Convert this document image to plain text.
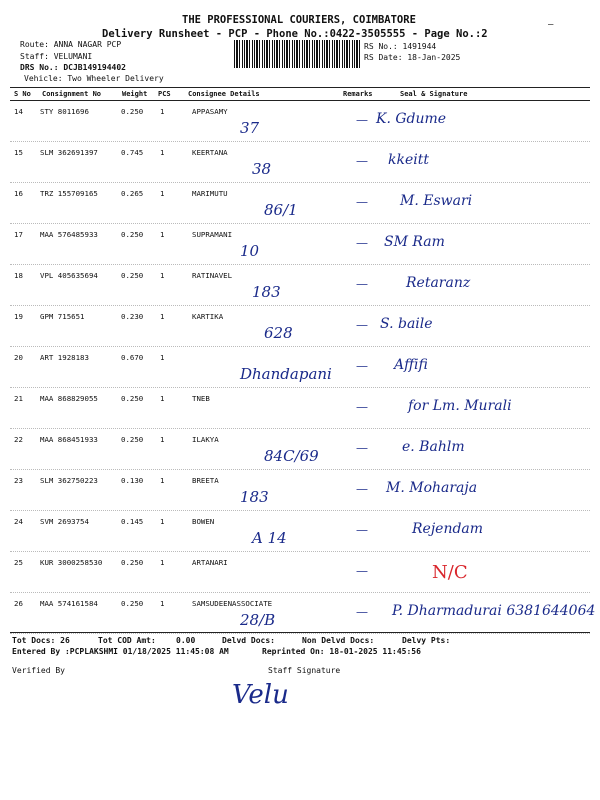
THE PROFESSIONAL COURIERS, COIMBATORE
Delivery Runsheet - PCP - Phone No.:0422-3505555 - Page No.:2
—
Route: ANNA NAGAR PCP
Staff: VELUMANI
DRS No.: DCJB149194402
Vehicle: Two Wheeler Delivery
RS No.: 1491944
RS Date: 18-Jan-2025
S No Consignment No	Weight PCS Consignee Details	Remarks	Seal & Signature
14 STY 8011696	0.250 1	APPASAMY
37	K. Gdume
—
15 SLM 362691397	0.745 1	KEERTANA
38	kkeitt
—
16 TRZ 155709165	0.265 1	MARIMUTU
86/1	M. Eswari
—
17 MAA 576485933	0.250 1	SUPRAMANI
10	SM Ram
—
18 VPL 405635694	0.250 1	RATINAVEL
183	Retaranz
—
19 GPM 715651	0.230 1	KARTIKA
628	S. baile
—
20 ART 1928183	0.670 1
Dhandapani	Affifi
—
21 MAA 868829055	0.250 1	TNEB	for Lm. Murali
—
22 MAA 868451933	0.250 1	ILAKYA
84C/69	e. Bahlm
—
23 SLM 362750223	0.130 1	BREETA
183	M. Moharaja
—
24 SVM 2693754	0.145 1	BOWEN
A 14	Rejendam
—
25 KUR 3000258530	0.250 1	ARTANARI	N/C
—
26 MAA 574161584	0.250 1	SAMSUDEENASSOCIATE
28/B	P. Dharmadurai 6381644064
—
Tot Docs: 26	Tot COD Amt:	0.00	Delvd Docs:	Non Delvd Docs:	Delvy Pts:
Entered By :PCPLAKSHMI 01/18/2025 11:45:08 AM	Reprinted On: 18-01-2025 11:45:56
Verified By	Staff Signature
Velu
